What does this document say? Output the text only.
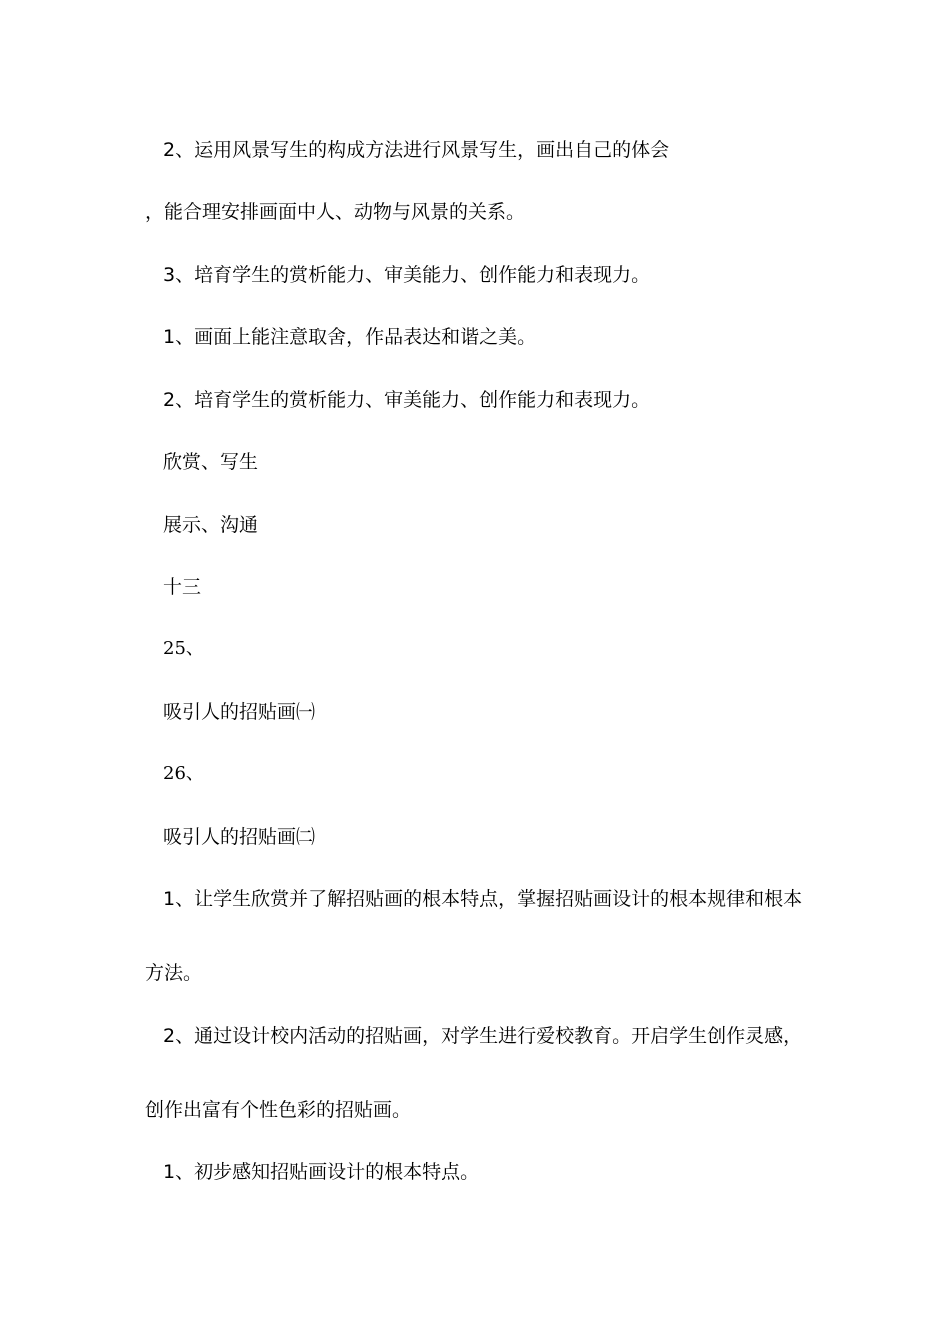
2、运用风景写生的构成方法进行风景写生，画出自己的体会
，能合理安排画面中人、动物与风景的关系。
3、培育学生的赏析能力、审美能力、创作能力和表现力。
1、画面上能注意取舍，作品表达和谐之美。
2、培育学生的赏析能力、审美能力、创作能力和表现力。
欣赏、写生
展示、沟通
十三
25、
吸引人的招贴画㈠
26、
吸引人的招贴画㈡
1、让学生欣赏并了解招贴画的根本特点，掌握招贴画设计的根本规律和根本
方法。
2、通过设计校内活动的招贴画，对学生进行爱校教育。开启学生创作灵感，
创作出富有个性色彩的招贴画。
1、初步感知招贴画设计的根本特点。
